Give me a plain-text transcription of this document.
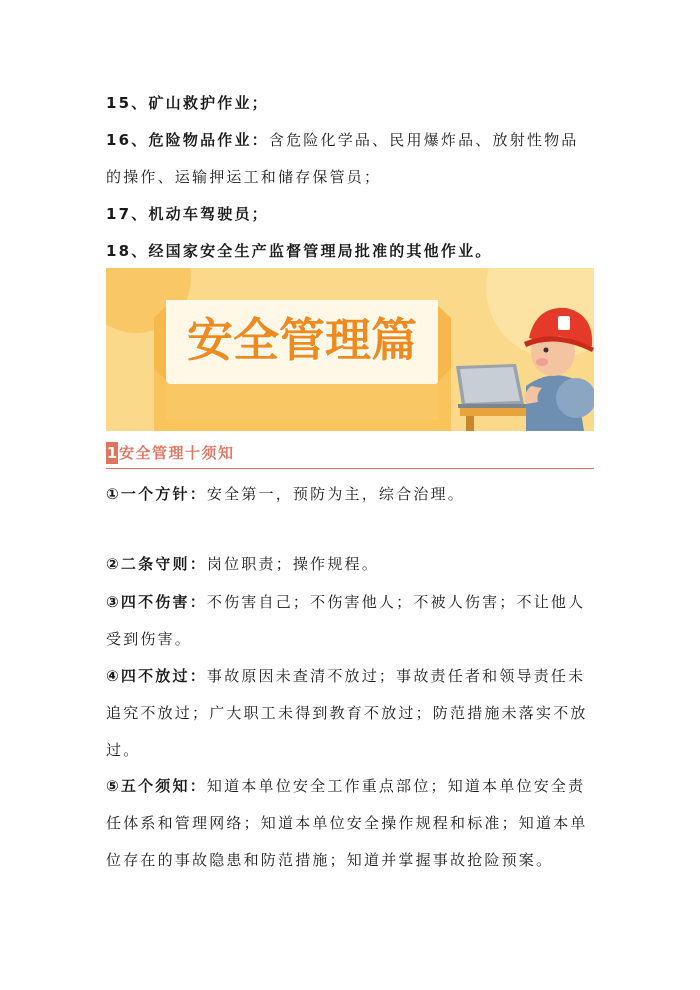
15、矿山救护作业；

16、危险物品作业：含危险化学品、民用爆炸品、放射性物品的操作、运输押运工和储存保管员；

17、机动车驾驶员；

18、经国家安全生产监督管理局批准的其他作业。

安全管理篇
1 安全管理十须知

①一个方针：安全第一，预防为主，综合治理。

②二条守则：岗位职责；操作规程。

③四不伤害：不伤害自己；不伤害他人；不被人伤害；不让他人受到伤害。

④四不放过：事故原因未查清不放过；事故责任者和领导责任未追究不放过；广大职工未得到教育不放过；防范措施未落实不放过。

⑤五个须知：知道本单位安全工作重点部位；知道本单位安全责任体系和管理网络；知道本单位安全操作规程和标准；知道本单位存在的事故隐患和防范措施；知道并掌握事故抢险预案。
